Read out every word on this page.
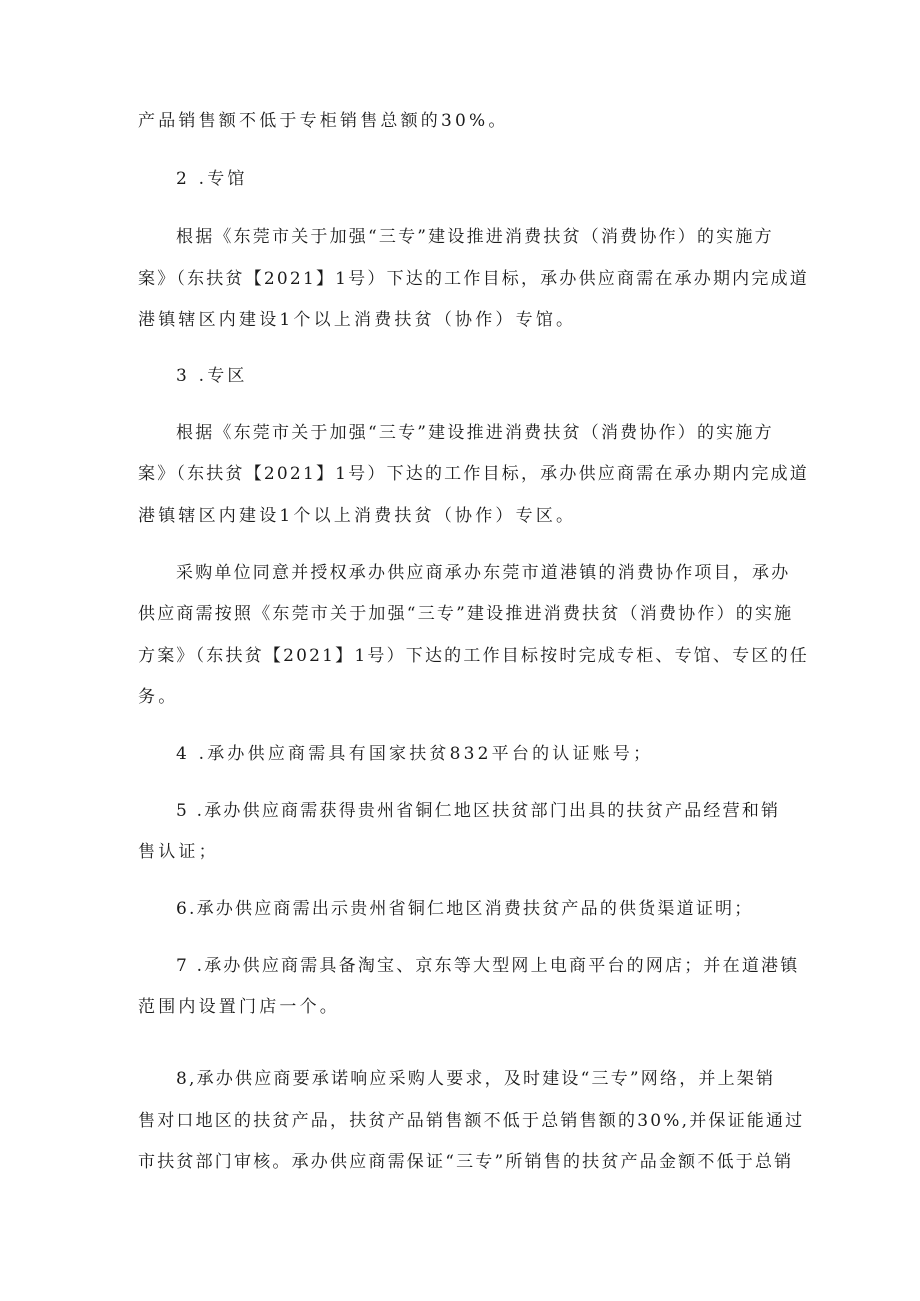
产品销售额不低于专柜销售总额的30%。
2 .专馆
根据《东莞市关于加强“三专”建设推进消费扶贫（消费协作）的实施方
案》（东扶贫【2021】1号）下达的工作目标，承办供应商需在承办期内完成道
港镇辖区内建设1个以上消费扶贫（协作）专馆。
3 .专区
根据《东莞市关于加强“三专”建设推进消费扶贫（消费协作）的实施方
案》（东扶贫【2021】1号）下达的工作目标，承办供应商需在承办期内完成道
港镇辖区内建设1个以上消费扶贫（协作）专区。
采购单位同意并授权承办供应商承办东莞市道港镇的消费协作项目，承办
供应商需按照《东莞市关于加强“三专”建设推进消费扶贫（消费协作）的实施
方案》（东扶贫【2021】1号）下达的工作目标按时完成专柜、专馆、专区的任
务。
4 .承办供应商需具有国家扶贫832平台的认证账号；
5 .承办供应商需获得贵州省铜仁地区扶贫部门出具的扶贫产品经营和销
售认证；
6.承办供应商需出示贵州省铜仁地区消费扶贫产品的供货渠道证明；
7 .承办供应商需具备淘宝、京东等大型网上电商平台的网店；并在道港镇
范围内设置门店一个。
8,承办供应商要承诺响应采购人要求，及时建设“三专”网络，并上架销
售对口地区的扶贫产品，扶贫产品销售额不低于总销售额的30%,并保证能通过
市扶贫部门审核。承办供应商需保证“三专”所销售的扶贫产品金额不低于总销
